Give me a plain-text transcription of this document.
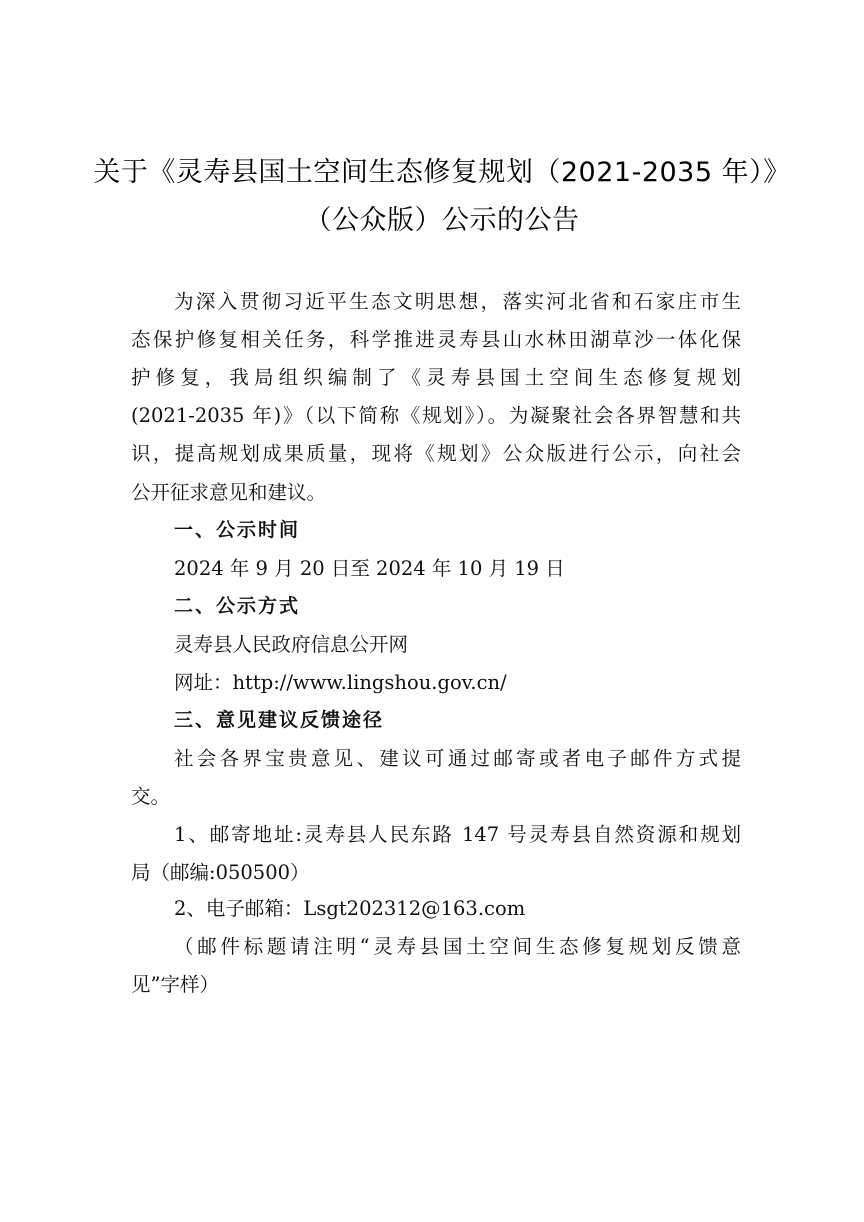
关于《灵寿县国土空间生态修复规划（2021-2035 年）》
（公众版）公示的公告
为深入贯彻习近平生态文明思想，落实河北省和石家庄市生
态保护修复相关任务，科学推进灵寿县山水林田湖草沙一体化保
护修复，我局组织编制了《灵寿县国土空间生态修复规划
(2021-2035 年)》（以下简称《规划》）。为凝聚社会各界智慧和共
识，提高规划成果质量，现将《规划》公众版进行公示，向社会
公开征求意见和建议。
一、公示时间
2024 年 9 月 20 日至 2024 年 10 月 19 日
二、公示方式
灵寿县人民政府信息公开网
网址：http://www.lingshou.gov.cn/
三、意见建议反馈途径
社会各界宝贵意见、建议可通过邮寄或者电子邮件方式提
交。
1、邮寄地址:灵寿县人民东路 147 号灵寿县自然资源和规划
局（邮编:050500）
2、电子邮箱：Lsgt202312@163.com
（邮件标题请注明“灵寿县国土空间生态修复规划反馈意
见”字样）
